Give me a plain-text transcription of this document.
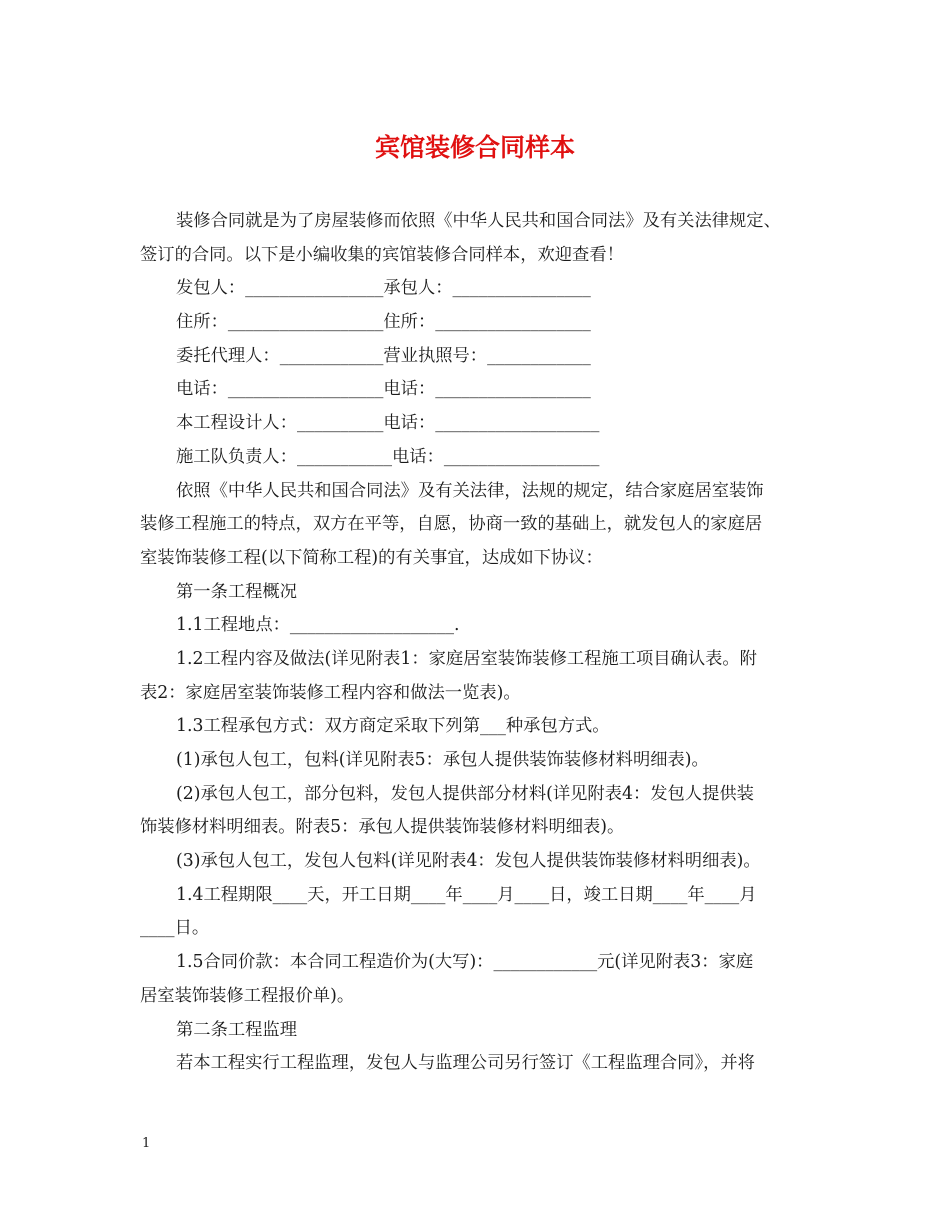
宾馆装修合同样本
装修合同就是为了房屋装修而依照《中华人民共和国合同法》及有关法律规定、
签订的合同。以下是小编收集的宾馆装修合同样本，欢迎查看！
发包人：________________承包人：________________
住所：__________________住所：__________________
委托代理人：____________营业执照号：____________
电话：__________________电话：__________________
本工程设计人：__________电话：___________________
施工队负责人：___________电话：__________________
依照《中华人民共和国合同法》及有关法律，法规的规定，结合家庭居室装饰
装修工程施工的特点，双方在平等，自愿，协商一致的基础上，就发包人的家庭居
室装饰装修工程(以下简称工程)的有关事宜，达成如下协议：
第一条工程概况
1.1工程地点：___________________.
1.2工程内容及做法(详见附表1：家庭居室装饰装修工程施工项目确认表。附
表2：家庭居室装饰装修工程内容和做法一览表)。
1.3工程承包方式：双方商定采取下列第___种承包方式。
(1)承包人包工，包料(详见附表5：承包人提供装饰装修材料明细表)。
(2)承包人包工，部分包料，发包人提供部分材料(详见附表4：发包人提供装
饰装修材料明细表。附表5：承包人提供装饰装修材料明细表)。
(3)承包人包工，发包人包料(详见附表4：发包人提供装饰装修材料明细表)。
1.4工程期限____天，开工日期____年____月____日，竣工日期____年____月
____日。
1.5合同价款：本合同工程造价为(大写)：____________元(详见附表3：家庭
居室装饰装修工程报价单)。
第二条工程监理
若本工程实行工程监理，发包人与监理公司另行签订《工程监理合同》，并将
1
